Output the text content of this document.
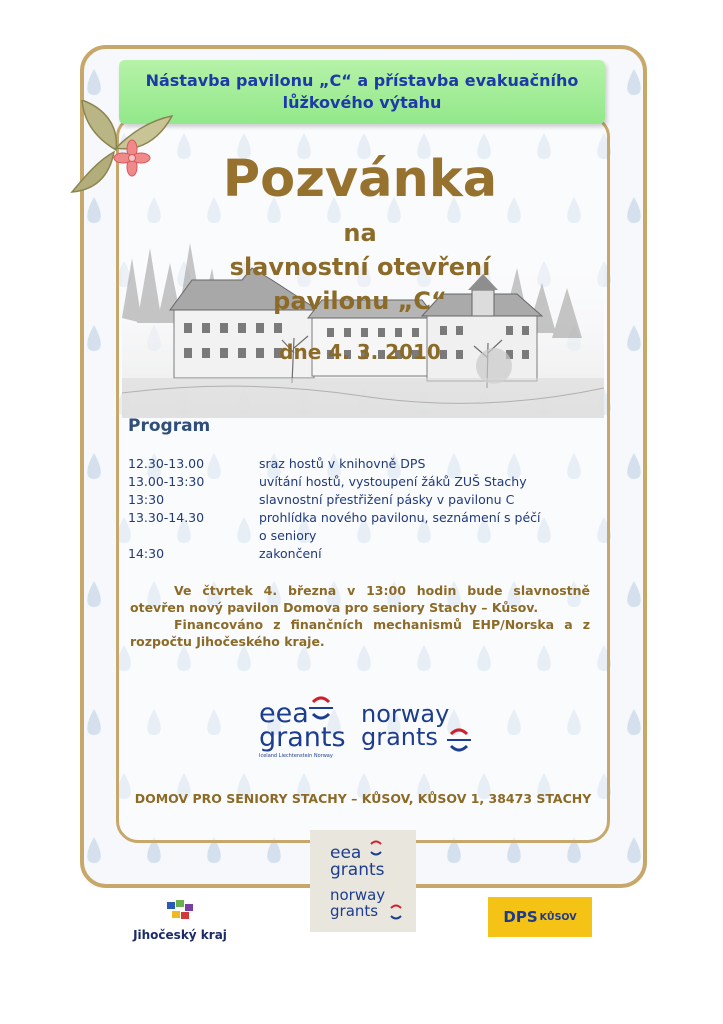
Nástavba pavilonu „C“ a přístavba evakuačního
lůžkového výtahu
Pozvánka
na
slavnostní otevření
pavilonu „C“
dne 4. 3. 2010
Program
12.30-13.00	sraz hostů v knihovně DPS
13.00-13:30	uvítání hostů, vystoupení žáků ZUŠ Stachy
13:30	slavnostní přestřižení pásky v pavilonu C
13.30-14.30	prohlídka nového pavilonu, seznámení s péčí
o seniory
14:30	zakončení
Ve čtvrtek 4. března v 13:00 hodin bude slavnostně otevřen nový pavilon Domova pro seniory Stachy – Kůsov.
Financováno z finančních mechanismů EHP/Norska a z rozpočtu Jihočeského kraje.
eea
grants
Iceland Liechtenstein Norway
norway
grants
DOMOV PRO SENIORY STACHY – KŮSOV, KŮSOV 1, 38473 STACHY
eea
grants
norway
grants
Jihočeský kraj
DPS KŮSOV
